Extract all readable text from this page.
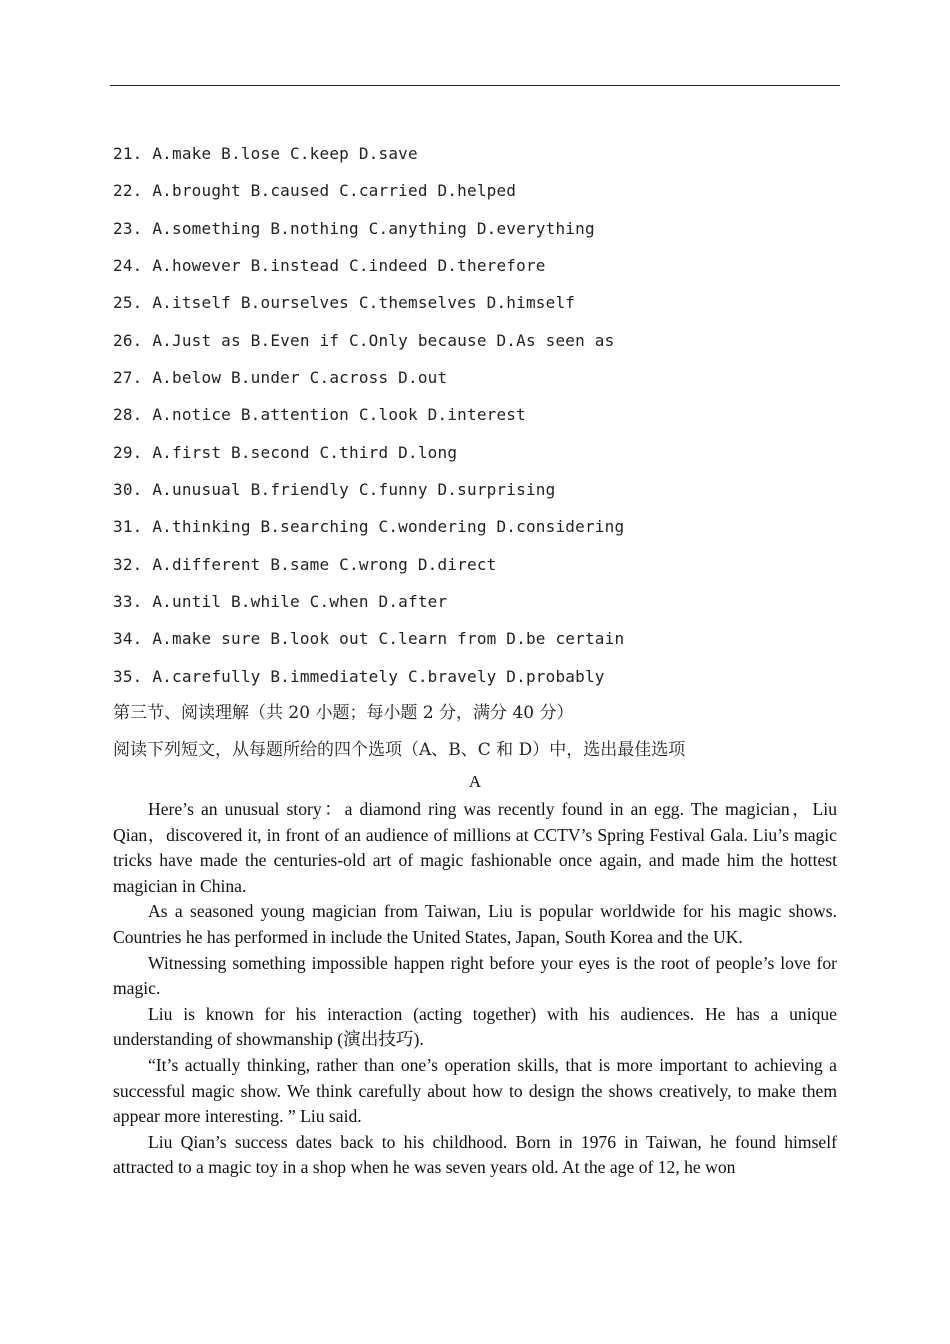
21. A.make B.lose C.keep D.save
22. A.brought B.caused C.carried D.helped
23. A.something B.nothing C.anything D.everything
24. A.however B.instead C.indeed D.therefore
25. A.itself B.ourselves C.themselves D.himself
26. A.Just as B.Even if C.Only because D.As seen as
27. A.below B.under C.across D.out
28. A.notice B.attention C.look D.interest
29. A.first B.second C.third D.long
30. A.unusual B.friendly C.funny D.surprising
31. A.thinking B.searching C.wondering D.considering
32. A.different B.same C.wrong D.direct
33. A.until B.while C.when D.after
34. A.make sure B.look out C.learn from D.be certain
35. A.carefully B.immediately C.bravely D.probably
第三节、阅读理解（共 20 小题；每小题 2 分，满分 40 分）
阅读下列短文，从每题所给的四个选项（A、B、C 和 D）中，选出最佳选项
A

Here’s an unusual story：a diamond ring was recently found in an egg. The magician，Liu Qian，discovered it, in front of an audience of millions at CCTV’s Spring Festival Gala. Liu’s magic tricks have made the centuries-old art of magic fashionable once again, and made him the hottest magician in China.

As a seasoned young magician from Taiwan, Liu is popular worldwide for his magic shows. Countries he has performed in include the United States, Japan, South Korea and the UK.

Witnessing something impossible happen right before your eyes is the root of people’s love for magic.

Liu is known for his interaction (acting together) with his audiences. He has a unique understanding of showmanship (演出技巧).

“It’s actually thinking, rather than one’s operation skills, that is more important to achieving a successful magic show. We think carefully about how to design the shows creatively, to make them appear more interesting. ” Liu said.

Liu Qian’s success dates back to his childhood. Born in 1976 in Taiwan, he found himself attracted to a magic toy in a shop when he was seven years old. At the age of 12, he won
